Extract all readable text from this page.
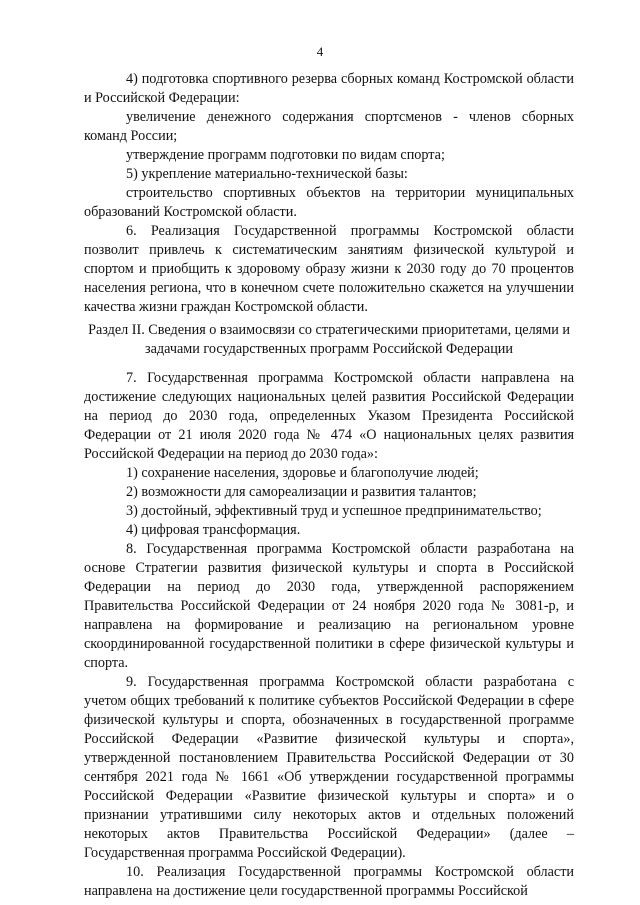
4

4) подготовка спортивного резерва сборных команд Костромской области и Российской Федерации:

увеличение денежного содержания спортсменов - членов сборных команд России;

утверждение программ подготовки по видам спорта;

5) укрепление материально-технической базы:

строительство спортивных объектов на территории муниципальных образований Костромской области.

6. Реализация Государственной программы Костромской области позволит привлечь к систематическим занятиям физической культурой и спортом и приобщить к здоровому образу жизни к 2030 году до 70 процентов населения региона, что в конечном счете положительно скажется на улучшении качества жизни граждан Костромской области.

Раздел II. Сведения о взаимосвязи со стратегическими приоритетами, целями и задачами государственных программ Российской Федерации

7. Государственная программа Костромской области направлена на достижение следующих национальных целей развития Российской Федерации на период до 2030 года, определенных Указом Президента Российской Федерации от 21 июля 2020 года № 474 «О национальных целях развития Российской Федерации на период до 2030 года»:

1) сохранение населения, здоровье и благополучие людей;

2) возможности для самореализации и развития талантов;

3) достойный, эффективный труд и успешное предпринимательство;

4) цифровая трансформация.

8. Государственная программа Костромской области разработана на основе Стратегии развития физической культуры и спорта в Российской Федерации на период до 2030 года, утвержденной распоряжением Правительства Российской Федерации от 24 ноября 2020 года № 3081-р, и направлена на формирование и реализацию на региональном уровне скоординированной государственной политики в сфере физической культуры и спорта.

9. Государственная программа Костромской области разработана с учетом общих требований к политике субъектов Российской Федерации в сфере физической культуры и спорта, обозначенных в государственной программе Российской Федерации «Развитие физической культуры и спорта», утвержденной постановлением Правительства Российской Федерации от 30 сентября 2021 года № 1661 «Об утверждении государственной программы Российской Федерации «Развитие физической культуры и спорта» и о признании утратившими силу некоторых актов и отдельных положений некоторых актов Правительства Российской Федерации» (далее – Государственная программа Российской Федерации).

10. Реализация Государственной программы Костромской области направлена на достижение цели государственной программы Российской
